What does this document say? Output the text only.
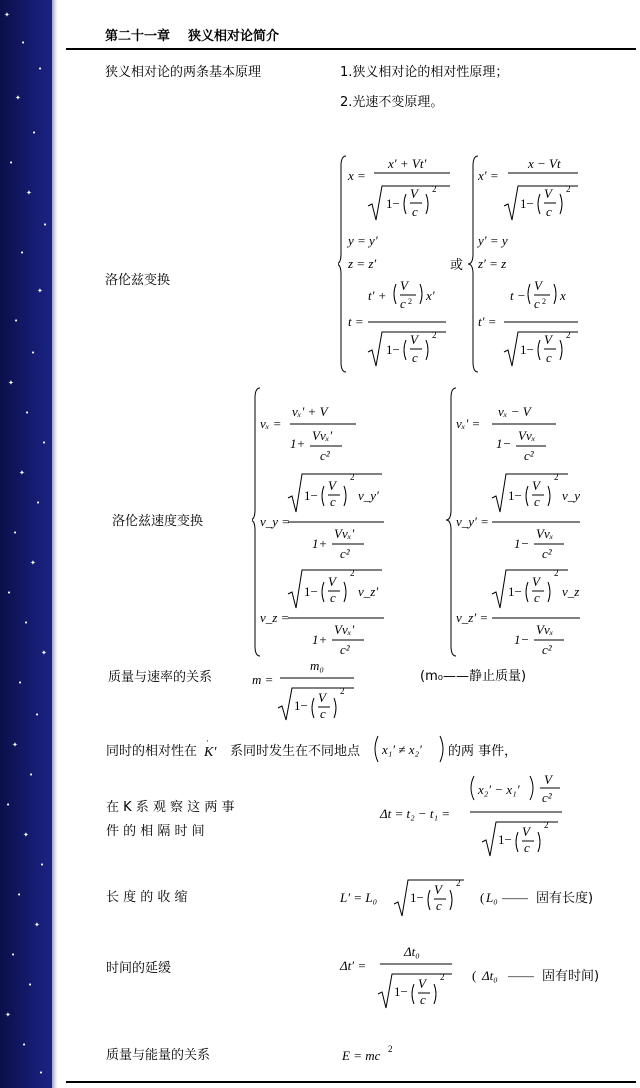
✦
•
•
✦
•
•
✦
•
•
✦
•
•
✦
•
•
✦
•
•
✦
•
•
✦
•
•
✦
•
•
✦
•
•
✦
•
•
✦
•
•
第二十一章 狭义相对论简介
狭义相对论的两条基本原理	1.狭义相对论的相对性原理；
2.光速不变原理。
洛伦兹变换
x =
x′ + Vt′
1−
V
c
2
y = y′
z = z′
t =
t′ +
V
c 2 x′
1−
V
c
2
或
x′ =
x − Vt
1−
V
c
2
y′ = y
z′ = z
t′ =
t −
V
c 2 x
1−
V
c
2
洛伦兹速度变换
vₓ =
vₓ′ + V
1+
Vvₓ′
c²
v_y =
1−
V
c
2
v_y′
1+
Vvₓ′
c²
v_z =
1−
V
c
2
v_z′
1+
Vvₓ′
c²
vₓ′ =
vₓ − V
1−
Vvₓ
c²
v_y′ =
1−
V
c
2
v_y
1−
Vvₓ
c²
v_z′ =
1−
V
c
2
v_z
1−
Vvₓ
c²
质量与速率的关系	m =
m₀
1−
V
c
2
(m₀——静止质量)
同时的相对性在 K′
·
系同时发生在不同地点 x₁′ ≠ x₂′ 的两 事件，
在 K 系 观 察 这 两 事
件 的 相 隔 时 间
Δt = t₂ − t₁ =
x₂′ − x₁′
V
c²
1−
V
c
2
长 度 的 收 缩	L′ = L₀	1−
V
c
2
( L₀ —— 固有长度)
时间的延缓	Δt′ =
Δt₀
1−
V
c
2 ( Δt₀ —— 固有时间)
质量与能量的关系	E = mc 2
